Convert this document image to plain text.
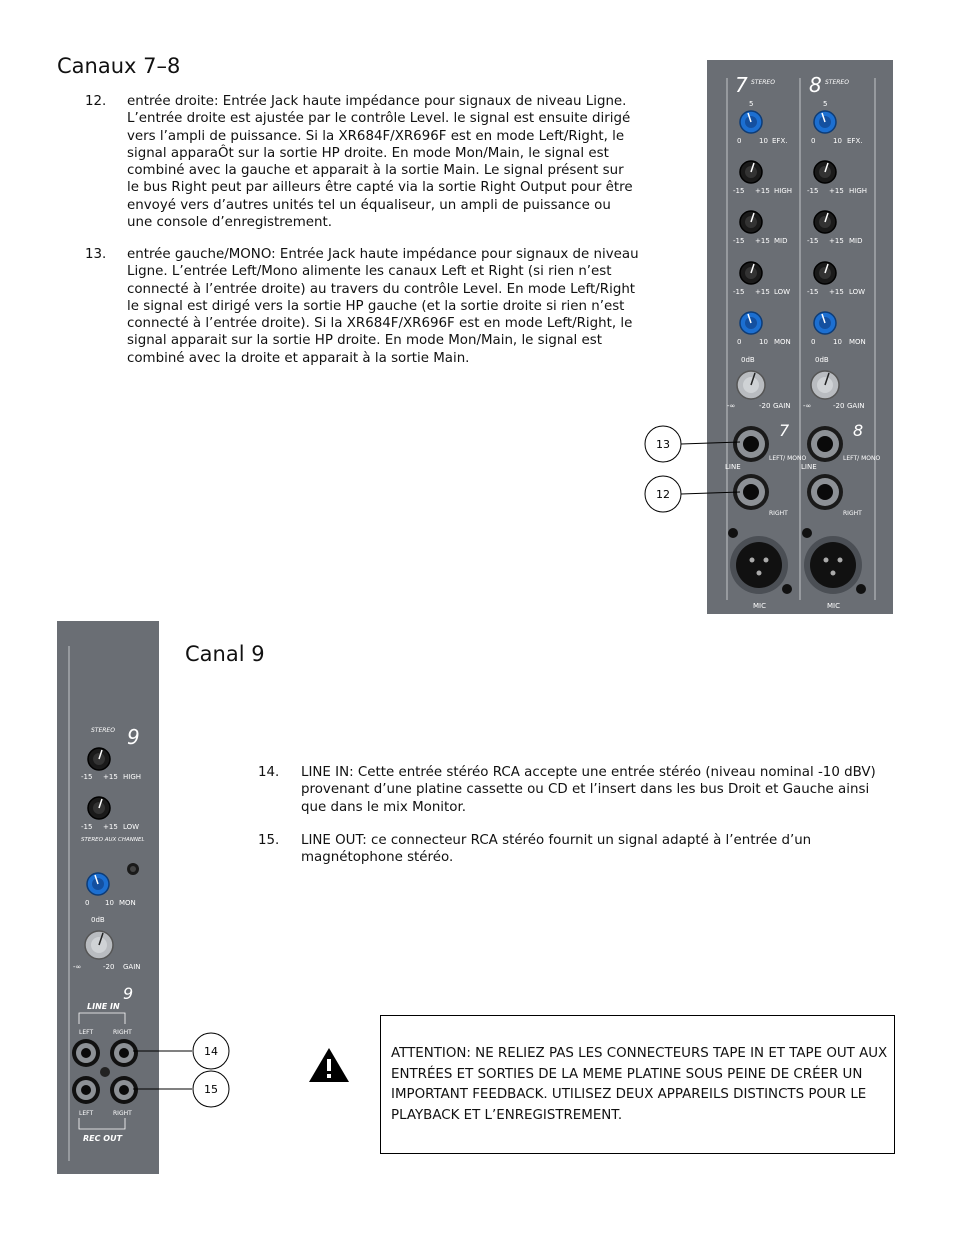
Canaux 7–8
12. entrée droite: Entrée Jack haute impédance pour signaux de niveau Ligne. L’entrée droite est ajustée par le contrôle Level. le signal est ensuite dirigé vers l’ampli de puissance. Si la XR684F/XR696F est en mode Left/Right, le signal apparaÔt sur la sortie HP droite. En mode Mon/Main, le signal est combiné avec la gauche et apparait à la sortie Main. Le signal présent sur le bus Right peut par ailleurs être capté via la sortie Right Output pour être envoyé vers d’autres unités tel un équaliseur, un ampli de puissance ou une console d’enregistrement.
13. entrée gauche/MONO: Entrée Jack haute impédance pour signaux de niveau Ligne. L’entrée Left/Mono alimente les canaux Left et Right (si rien n’est connecté à l’entrée droite) au travers du contrôle Level. En mode Left/Right le signal est dirigé vers la sortie HP gauche (et la sortie droite si rien n’est connecté à l’entrée droite). Si la XR684F/XR696F est en mode Left/Right, le signal apparait sur la sortie HP droite. En mode Mon/Main, le signal est combiné avec la droite et apparait à la sortie Main.
7 STEREO 8 STEREO
5
0	10 EFX.
-15 +15 HIGH
-15 +15 MID
-15 +15 LOW
0	10 MON
0dB
-∞	-20 GAIN
5
0	10 EFX.
-15 +15 HIGH
-15 +15 MID
-15 +15 LOW
0	10 MON
0dB
-∞	-20 GAIN
7	8
LEFT/ MONO	LEFT/ MONO
LINE	LINE
RIGHT	RIGHT
MIC	MIC
13
12
STEREO 9
-15 +15 HIGH
-15 +15 LOW
STEREO AUX CHANNEL
0 10 MON
0dB
-∞	-20 GAIN
9
LINE IN
LEFT	RIGHT
LEFT	RIGHT
REC OUT
14
15
Canal 9
14. LINE IN: Cette entrée stéréo RCA accepte une entrée stéréo (niveau nominal -10 dBV) provenant d’une platine cassette ou CD et l’insert dans les bus Droit et Gauche ainsi que dans le mix Monitor.
15. LINE OUT: ce connecteur RCA stéréo fournit un signal adapté à l’entrée d’un magnétophone stéréo.
ATTENTION: NE RELIEZ PAS LES CONNECTEURS TAPE IN ET TAPE OUT AUX ENTRÉES ET SORTIES DE LA MEME PLATINE SOUS PEINE DE CRÉER UN IMPORTANT FEEDBACK. UTILISEZ DEUX APPAREILS DISTINCTS POUR LE PLAYBACK ET L’ENREGISTREMENT.
